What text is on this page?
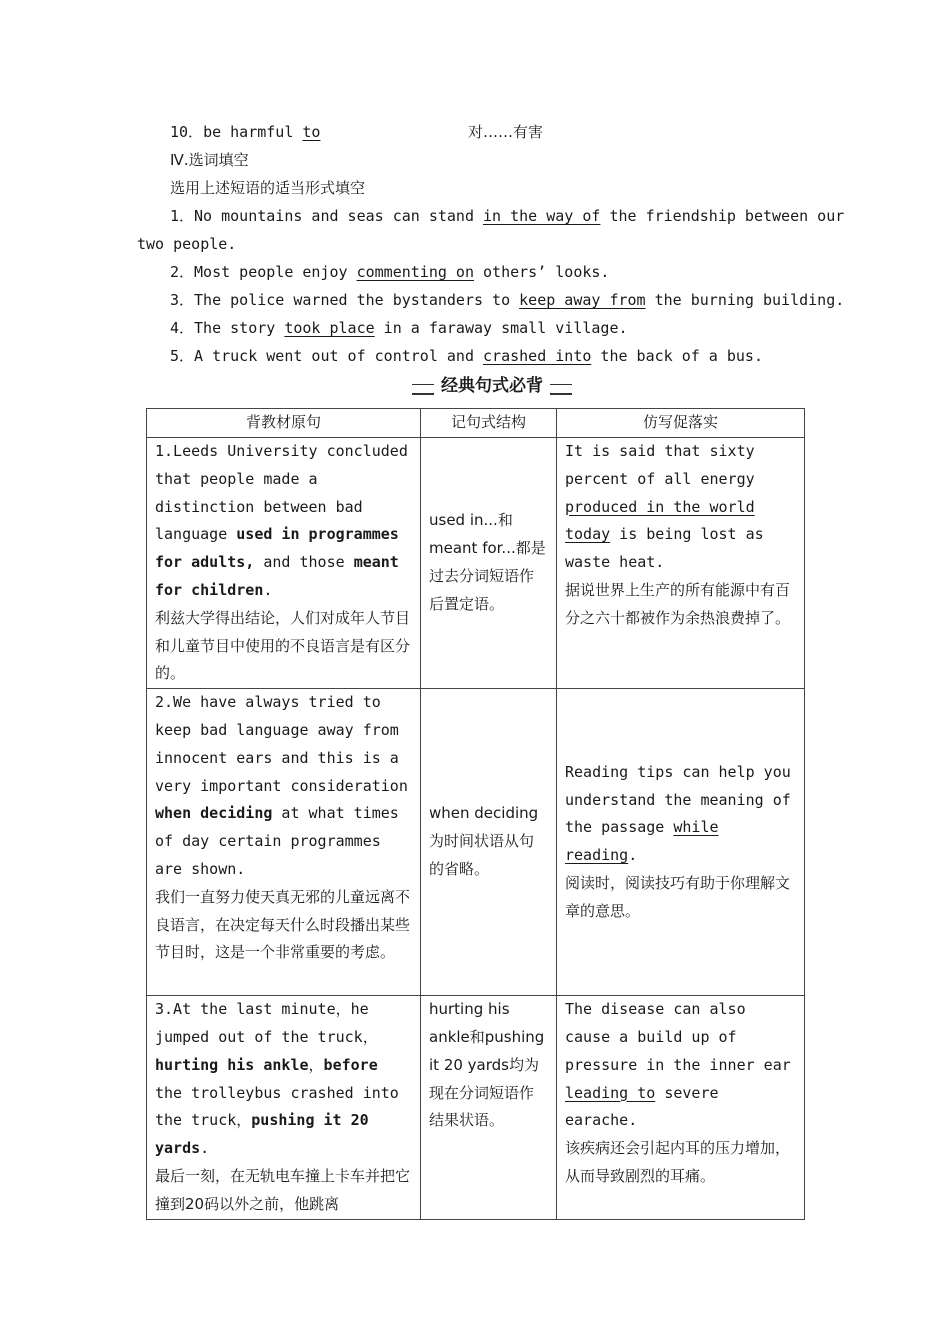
10．be harmful to	对……有害
Ⅳ.选词填空
选用上述短语的适当形式填空
1．No mountains and seas can stand in the way of the friendship between our
two people.
2．Most people enjoy commenting on others’ looks.
3．The police warned the bystanders to keep away from the burning building.
4．The story took place in a faraway small village.
5．A truck went out of control and crashed into the back of a bus.
经典句式必背
背教材原句	记句式结构	仿写促落实
1.Leeds University concluded that people made a distinction between bad language used in programmes for adults, and those meant for children.
利兹大学得出结论，人们对成年人节目和儿童节目中使用的不良语言是有区分的。	used in...和meant for...都是过去分词短语作后置定语。	It is said that sixty percent of all energy produced in the world today is being lost as waste heat.
据说世界上生产的所有能源中有百分之六十都被作为余热浪费掉了。
2.We have always tried to keep bad language away from innocent ears and this is a very important consideration when deciding at what times of day certain programmes are shown.
我们一直努力使天真无邪的儿童远离不良语言，在决定每天什么时段播出某些节目时，这是一个非常重要的考虑。	when deciding为时间状语从句的省略。	Reading tips can help you understand the meaning of the passage while reading.
阅读时，阅读技巧有助于你理解文章的意思。
3.At the last minute，he jumped out of the truck，hurting his ankle，before the trolleybus crashed into the truck，pushing it 20 yards.
最后一刻，在无轨电车撞上卡车并把它撞到20码以外之前，他跳离	hurting his ankle和pushing it 20 yards均为现在分词短语作结果状语。	The disease can also cause a build up of pressure in the inner ear leading to severe earache.
该疾病还会引起内耳的压力增加，从而导致剧烈的耳痛。
